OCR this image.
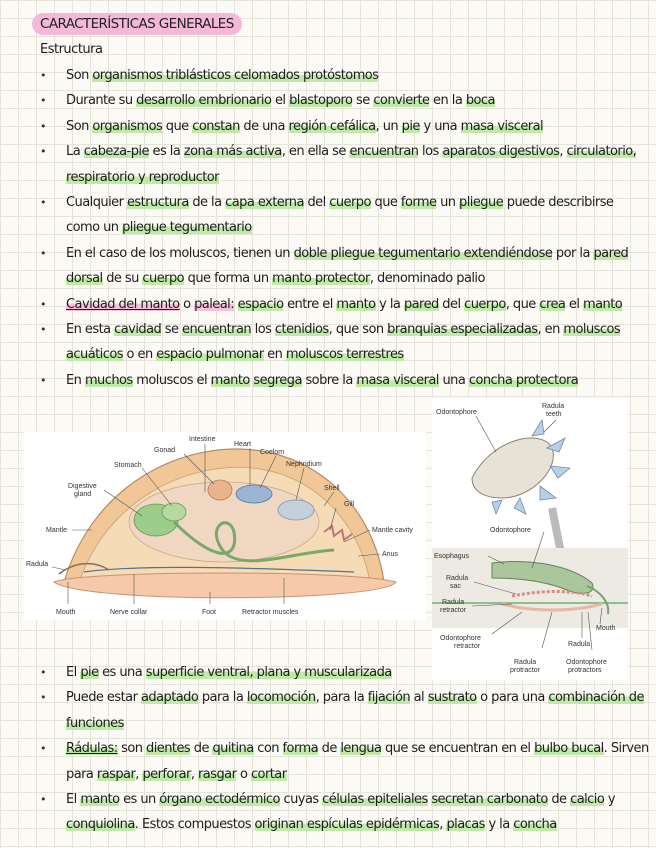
CARACTERÍSTICAS GENERALES
Estructura
• Son organismos triblásticos celomados protóstomos
• Durante su desarrollo embrionario el blastoporo se convierte en la boca
• Son organismos que constan de una región cefálica, un pie y una masa visceral
• La cabeza-pie es la zona más activa, en ella se encuentran los aparatos digestivos, circulatorio, respiratorio y reproductor
• Cualquier estructura de la capa externa del cuerpo que forme un pliegue puede describirse como un pliegue tegumentario
• En el caso de los moluscos, tienen un doble pliegue tegumentario extendiéndose por la pared dorsal de su cuerpo que forma un manto protector, denominado palio
• Cavidad del manto o paleal: espacio entre el manto y la pared del cuerpo, que crea el manto
• En esta cavidad se encuentran los ctenidios, que son branquias especializadas, en moluscos acuáticos o en espacio pulmonar en moluscos terrestres
• En muchos moluscos el manto segrega sobre la masa visceral una concha protectora
Intestine
Heart
Gonad	Coelom
Stomach	Nephridium
Digestive
gland
Shell
Gill
Mantle	Mantle cavity
Radula
Anus
Mouth	Nerve collar	Foot	Retractor muscles
Odontophore
Radula
teeth
Odontophore
Esophagus
Radula
sac
Radula
retractor
Mouth
Radula
Odontophore
retractor
Radula
protractor
Odontophore
protractors
• El pie es una superficie ventral, plana y muscularizada
• Puede estar adaptado para la locomoción, para la fijación al sustrato o para una combinación de funciones
• Rádulas: son dientes de quitina con forma de lengua que se encuentran en el bulbo bucal. Sirven para raspar, perforar, rasgar o cortar
• El manto es un órgano ectodérmico cuyas células epiteliales secretan carbonato de calcio y conquiolina. Estos compuestos originan espículas epidérmicas, placas y la concha
